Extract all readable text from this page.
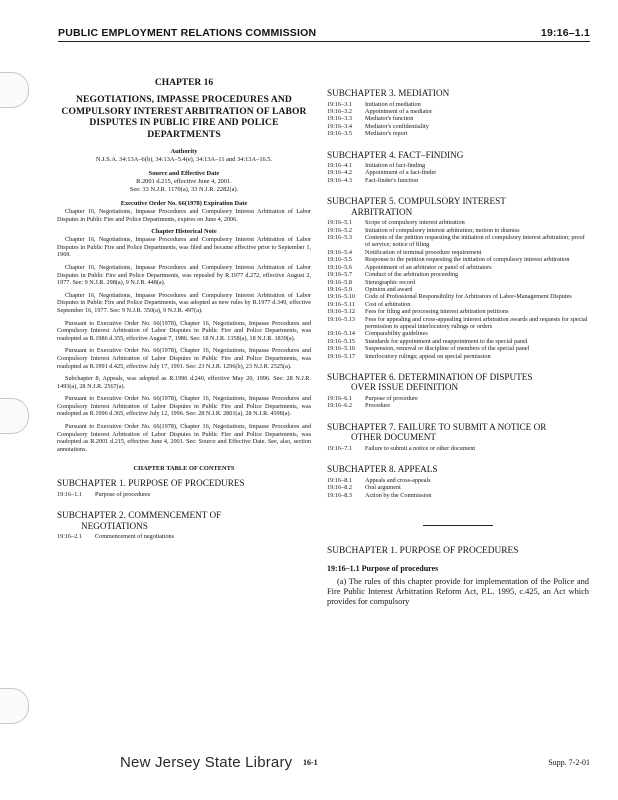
PUBLIC EMPLOYMENT RELATIONS COMMISSION	19:16–1.1
CHAPTER 16
NEGOTIATIONS, IMPASSE PROCEDURES AND COMPULSORY INTEREST ARBITRATION OF LABOR DISPUTES IN PUBLIC FIRE AND POLICE DEPARTMENTS
Authority
N.J.S.A. 34:13A–6(b), 34:13A–5.4(e), 34:13A–11 and 34:13A–16.5.
Source and Effective Date
R.2001 d.215, effective June 4, 2001.
See: 33 N.J.R. 1170(a), 33 N.J.R. 2282(a).
Executive Order No. 66(1978) Expiration Date

Chapter 16, Negotiations, Impasse Procedures and Compulsory Interest Arbitration of Labor Disputes in Public Fire and Police Departments, expires on June 4, 2006.

Chapter Historical Note

Chapter 16, Negotiations, Impasse Procedures and Compulsory Interest Arbitration of Labor Disputes in Public Fire and Police Departments, was filed and became effective prior to September 1, 1969.

Chapter 16, Negotiations, Impasse Procedures and Compulsory Interest Arbitration of Labor Disputes in Public Fire and Police Departments, was repealed by R.1977 d.272, effective August 2, 1977. See: 9 N.J.R. 298(a), 9 N.J.R. 448(a).

Chapter 16, Negotiations, Impasse Procedures and Compulsory Interest Arbitration of Labor Disputes in Public Fire and Police Departments, was adopted as new rules by R.1977 d.349, effective September 16, 1977. See: 9 N.J.R. 350(a), 9 N.J.R. 497(a).

Pursuant to Executive Order No. 66(1978), Chapter 16, Negotiations, Impasse Procedures and Compulsory Interest Arbitration of Labor Disputes in Public Fire and Police Departments, was readopted as R.1986 d.355, effective August 7, 1986. See: 18 N.J.R. 1358(a), 18 N.J.R. 1839(a).

Pursuant to Executive Order No. 66(1978), Chapter 16, Negotiations, Impasse Procedures and Compulsory Interest Arbitration of Labor Disputes in Public Fire and Police Departments, was readopted as R.1991 d.425, effective July 17, 1991. See: 23 N.J.R. 1296(b), 23 N.J.R. 2525(a).

Subchapter 8, Appeals, was adopted as R.1996 d.240, effective May 20, 1996. See: 28 N.J.R. 1493(a), 28 N.J.R. 2567(a).

Pursuant to Executive Order No. 66(1978), Chapter 16, Negotiations, Impasse Procedures and Compulsory Interest Arbitration of Labor Disputes in Public Fire and Police Departments, was readopted as R.1996 d.365, effective July 12, 1996. See: 28 N.J.R. 2801(a), 28 N.J.R. 4598(a).

Pursuant to Executive Order No. 66(1978), Chapter 16, Negotiations, Impasse Procedures and Compulsory Interest Arbitration of Labor Disputes in Public Fire and Police Departments, was readopted as R.2001 d.215, effective June 4, 2001. See: Source and Effective Date. See, also, section annotations.

CHAPTER TABLE OF CONTENTS
SUBCHAPTER 1. PURPOSE OF PROCEDURES
19:16–1.1	Purpose of procedures
SUBCHAPTER 2. COMMENCEMENT OF
NEGOTIATIONS
19:16–2.1	Commencement of negotiations
SUBCHAPTER 3. MEDIATION
19:16–3.1	Initiation of mediation
19:16–3.2	Appointment of a mediator
19:16–3.3	Mediator's function
19:16–3.4	Mediator's confidentiality
19:16–3.5	Mediator's report
SUBCHAPTER 4. FACT–FINDING
19:16–4.1	Initiation of fact-finding
19:16–4.2	Appointment of a fact-finder
19:16–4.3	Fact-finder's function
SUBCHAPTER 5. COMPULSORY INTEREST
ARBITRATION
19:16–5.1	Scope of compulsory interest arbitration
19:16–5.2	Initiation of compulsory interest arbitration; motion to dismiss
19:16–5.3	Contents of the petition requesting the initiation of compulsory interest arbitration; proof of service; notice of filing
19:16–5.4	Notification of terminal procedure requirement
19:16–5.5	Response to the petition requesting the initiation of compulsory interest arbitration
19:16–5.6	Appointment of an arbitrator or panel of arbitrators
19:16–5.7	Conduct of the arbitration proceeding
19:16–5.8	Stenographic record
19:16–5.9	Opinion and award
19:16–5.10	Code of Professional Responsibility for Arbitrators of Labor-Management Disputes
19:16–5.11	Cost of arbitration
19:16–5.12	Fees for filing and processing interest arbitration petitions
19:16–5.13	Fees for appealing and cross-appealing interest arbitration awards and requests for special permission to appeal interlocutory rulings or orders
19:16–5.14	Comparability guidelines
19:16–5.15	Standards for appointment and reappointment to the special panel
19:16–5.16	Suspension, removal or discipline of members of the special panel
19:16–5.17	Interlocutory rulings; appeal on special permission
SUBCHAPTER 6. DETERMINATION OF DISPUTES
OVER ISSUE DEFINITION
19:16–6.1	Purpose of procedure
19:16–6.2	Procedure
SUBCHAPTER 7. FAILURE TO SUBMIT A NOTICE OR
OTHER DOCUMENT
19:16–7.1	Failure to submit a notice or other document
SUBCHAPTER 8. APPEALS
19:16–8.1	Appeals and cross-appeals
19:16–8.2	Oral argument
19:16–8.3	Action by the Commission
SUBCHAPTER 1. PURPOSE OF PROCEDURES
19:16–1.1 Purpose of procedures

(a) The rules of this chapter provide for implementation of the Police and Fire Public Interest Arbitration Reform Act, P.L. 1995, c.425, an Act which provides for compulsory

New Jersey State Library 16-1	Supp. 7-2-01
